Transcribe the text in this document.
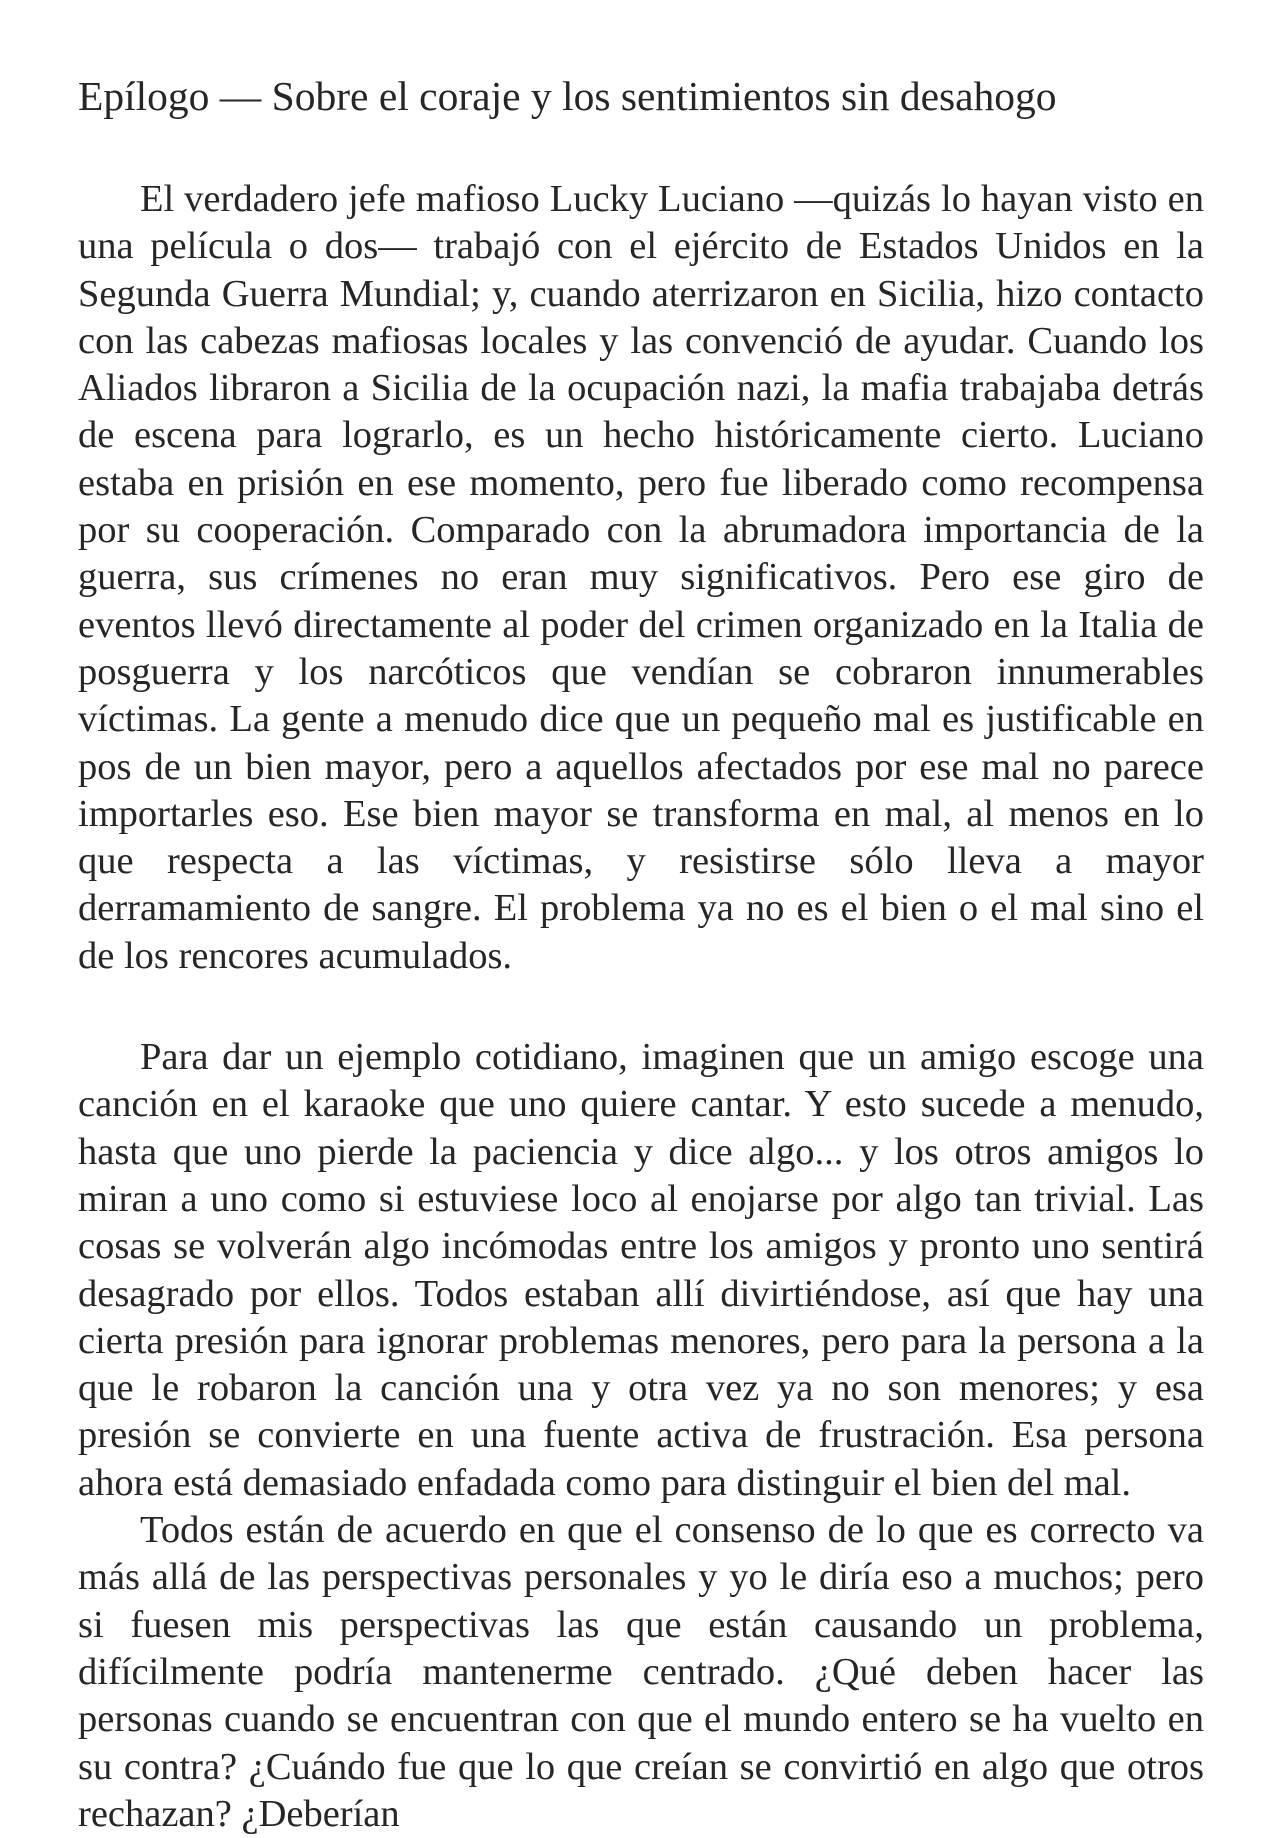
Epílogo — Sobre el coraje y los sentimientos sin desahogo

El verdadero jefe mafioso Lucky Luciano —quizás lo hayan visto en una película o dos— trabajó con el ejército de Estados Unidos en la Segunda Guerra Mundial; y, cuando aterrizaron en Sicilia, hizo contacto con las cabezas mafiosas locales y las convenció de ayudar. Cuando los Aliados libraron a Sicilia de la ocupación nazi, la mafia trabajaba detrás de escena para lograrlo, es un hecho históricamente cierto. Luciano estaba en prisión en ese momento, pero fue liberado como recompensa por su cooperación. Comparado con la abrumadora importancia de la guerra, sus crímenes no eran muy significativos. Pero ese giro de eventos llevó directamente al poder del crimen organizado en la Italia de posguerra y los narcóticos que vendían se cobraron innumerables víctimas. La gente a menudo dice que un pequeño mal es justificable en pos de un bien mayor, pero a aquellos afectados por ese mal no parece importarles eso. Ese bien mayor se transforma en mal, al menos en lo que respecta a las víctimas, y resistirse sólo lleva a mayor derramamiento de sangre. El problema ya no es el bien o el mal sino el de los rencores acumulados.

Para dar un ejemplo cotidiano, imaginen que un amigo escoge una canción en el karaoke que uno quiere cantar. Y esto sucede a menudo, hasta que uno pierde la paciencia y dice algo... y los otros amigos lo miran a uno como si estuviese loco al enojarse por algo tan trivial. Las cosas se volverán algo incómodas entre los amigos y pronto uno sentirá desagrado por ellos. Todos estaban allí divirtiéndose, así que hay una cierta presión para ignorar problemas menores, pero para la persona a la que le robaron la canción una y otra vez ya no son menores; y esa presión se convierte en una fuente activa de frustración. Esa persona ahora está demasiado enfadada como para distinguir el bien del mal.

Todos están de acuerdo en que el consenso de lo que es correcto va más allá de las perspectivas personales y yo le diría eso a muchos; pero si fuesen mis perspectivas las que están causando un problema, difícilmente podría mantenerme centrado. ¿Qué deben hacer las personas cuando se encuentran con que el mundo entero se ha vuelto en su contra? ¿Cuándo fue que lo que creían se convirtió en algo que otros rechazan? ¿Deberían
